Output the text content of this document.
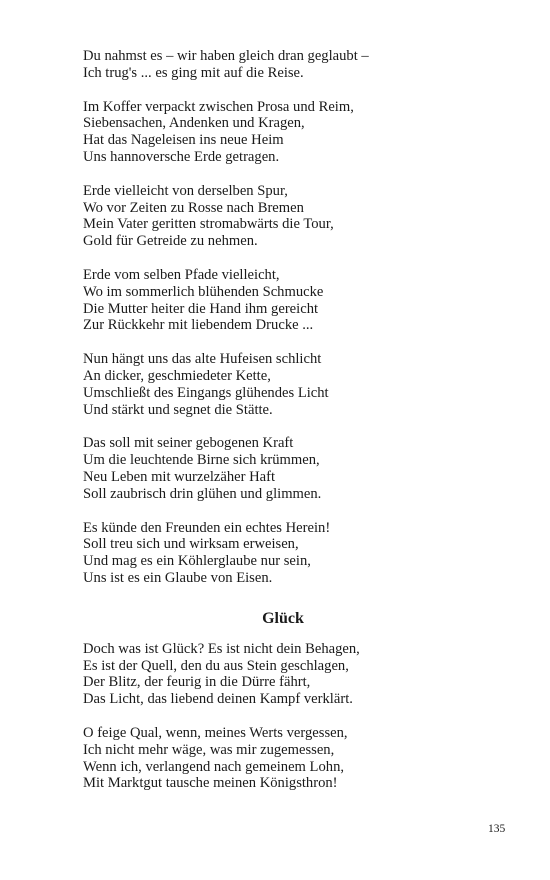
Du nahmst es – wir haben gleich dran geglaubt –
Ich trug's ... es ging mit auf die Reise.
Im Koffer verpackt zwischen Prosa und Reim,
Siebensachen, Andenken und Kragen,
Hat das Nageleisen ins neue Heim
Uns hannoversche Erde getragen.
Erde vielleicht von derselben Spur,
Wo vor Zeiten zu Rosse nach Bremen
Mein Vater geritten stromabwärts die Tour,
Gold für Getreide zu nehmen.
Erde vom selben Pfade vielleicht,
Wo im sommerlich blühenden Schmucke
Die Mutter heiter die Hand ihm gereicht
Zur Rückkehr mit liebendem Drucke ...
Nun hängt uns das alte Hufeisen schlicht
An dicker, geschmiedeter Kette,
Umschließt des Eingangs glühendes Licht
Und stärkt und segnet die Stätte.
Das soll mit seiner gebogenen Kraft
Um die leuchtende Birne sich krümmen,
Neu Leben mit wurzelzäher Haft
Soll zaubrisch drin glühen und glimmen.
Es künde den Freunden ein echtes Herein!
Soll treu sich und wirksam erweisen,
Und mag es ein Köhlerglaube nur sein,
Uns ist es ein Glaube von Eisen.
Glück
Doch was ist Glück? Es ist nicht dein Behagen,
Es ist der Quell, den du aus Stein geschlagen,
Der Blitz, der feurig in die Dürre fährt,
Das Licht, das liebend deinen Kampf verklärt.
O feige Qual, wenn, meines Werts vergessen,
Ich nicht mehr wäge, was mir zugemessen,
Wenn ich, verlangend nach gemeinem Lohn,
Mit Marktgut tausche meinen Königsthron!
135
